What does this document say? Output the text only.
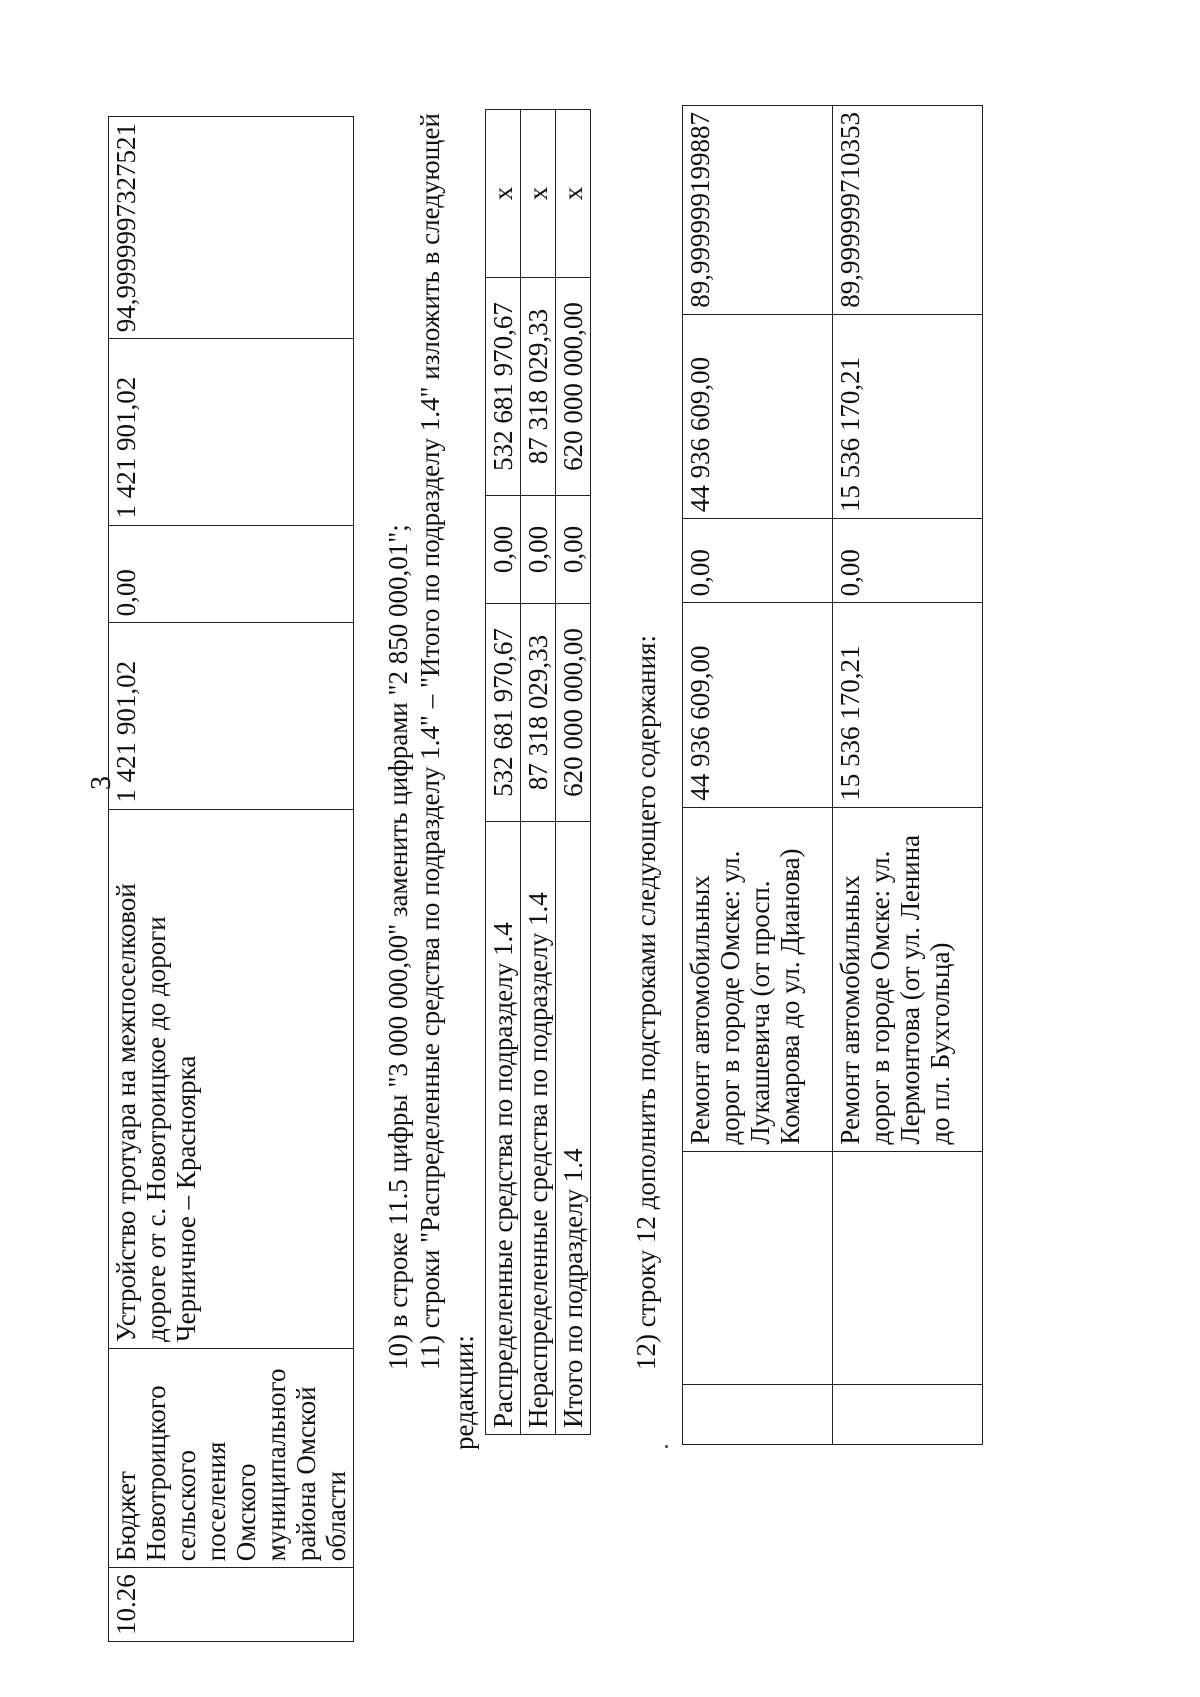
3
10.26	Бюджет Новотроицкого сельского поселения Омского муниципального района Омской области	Устройство тротуара на межпоселковой дороге от с. Новотроицкое до дороги Черничное – Красноярка	1 421 901,02	0,00	1 421 901,02	94,9999997327521
10) в строке 11.5 цифры "3 000 000,00" заменить цифрами "2 850 000,01"; 11) строки "Распределенные средства по подразделу 1.4" – "Итого по подразделу 1.4" изложить в следующей
редакции: Распределенные средства по подразделу 1.4	532 681 970,67	0,00	532 681 970,67	x
Нераспределенные средства по подразделу 1.4	87 318 029,33	0,00	87 318 029,33	x
Итого по подразделу 1.4	620 000 000,00	0,00	620 000 000,00	x
12) строку 12 дополнить подстроками следующего содержания:
		Ремонт автомобильных дорог в городе Омске: ул. Лукашевича (от просп. Комарова до ул. Дианова)	44 936 609,00	0,00	44 936 609,00	89,999999199887
		Ремонт автомобильных дорог в городе Омске: ул. Лермонтова (от ул. Ленина до пл. Бухгольца)	15 536 170,21	0,00	15 536 170,21	89,999999710353
